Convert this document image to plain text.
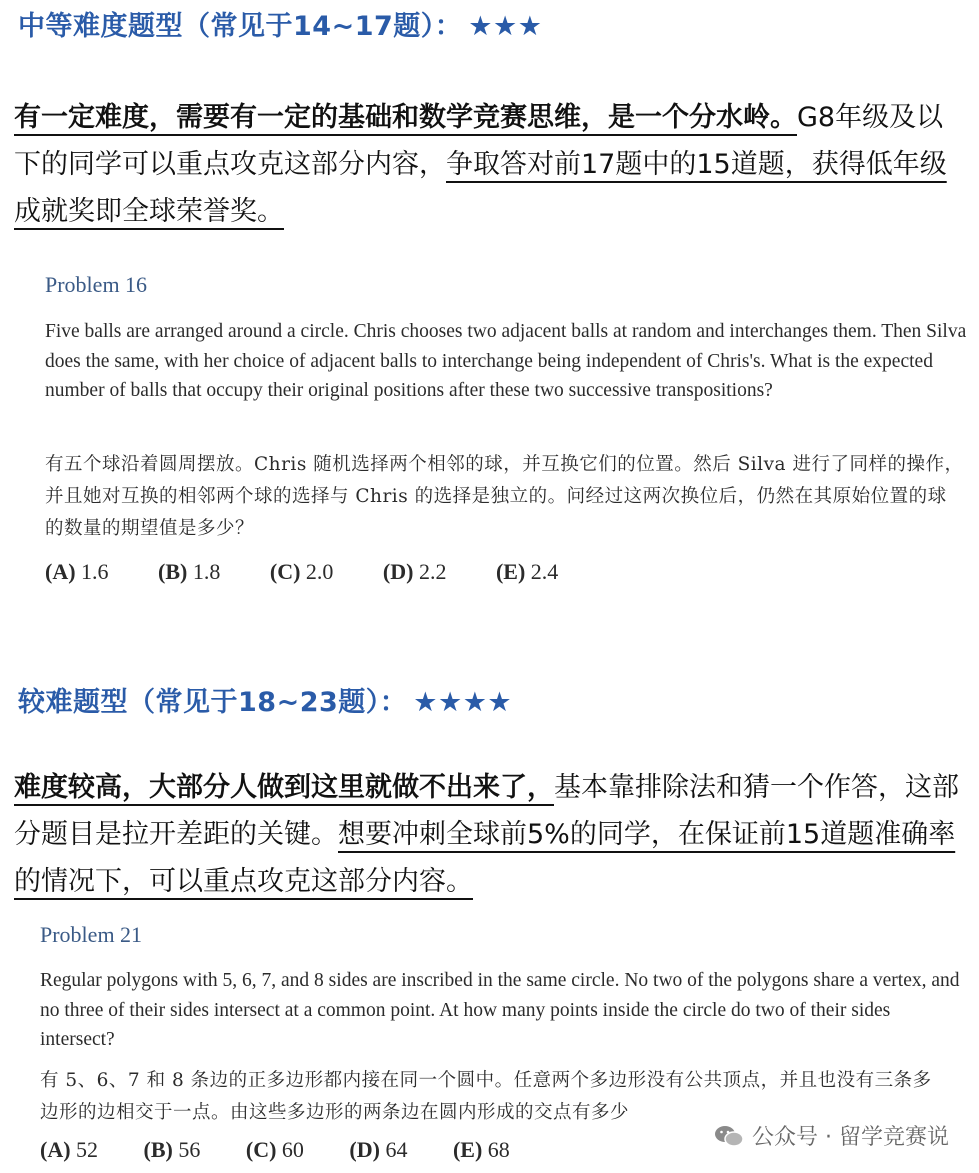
中等难度题型（常见于14~17题）： ★★★
有一定难度，需要有一定的基础和数学竞赛思维，是一个分水岭。G8年级及以下的同学可以重点攻克这部分内容，争取答对前17题中的15道题，获得低年级成就奖即全球荣誉奖。
Problem 16
Five balls are arranged around a circle. Chris chooses two adjacent balls at random and interchanges them. Then Silva does the same, with her choice of adjacent balls to interchange being independent of Chris's. What is the expected number of balls that occupy their original positions after these two successive transpositions?
有五个球沿着圆周摆放。Chris 随机选择两个相邻的球，并互换它们的位置。然后 Silva 进行了同样的操作，并且她对互换的相邻两个球的选择与 Chris 的选择是独立的。问经过这两次换位后，仍然在其原始位置的球的数量的期望值是多少？
(A) 1.6 (B) 1.8 (C) 2.0 (D) 2.2 (E) 2.4
较难题型（常见于18~23题）： ★★★★
难度较高，大部分人做到这里就做不出来了，基本靠排除法和猜一个作答，这部分题目是拉开差距的关键。想要冲刺全球前5%的同学，在保证前15道题准确率的情况下，可以重点攻克这部分内容。
Problem 21
Regular polygons with 5, 6, 7, and 8 sides are inscribed in the same circle. No two of the polygons share a vertex, and no three of their sides intersect at a common point. At how many points inside the circle do two of their sides intersect?
有 5、6、7 和 8 条边的正多边形都内接在同一个圆中。任意两个多边形没有公共顶点，并且也没有三条多边形的边相交于一点。由这些多边形的两条边在圆内形成的交点有多少
(A) 52 (B) 56 (C) 60 (D) 64 (E) 68	公众号 · 留学竞赛说
